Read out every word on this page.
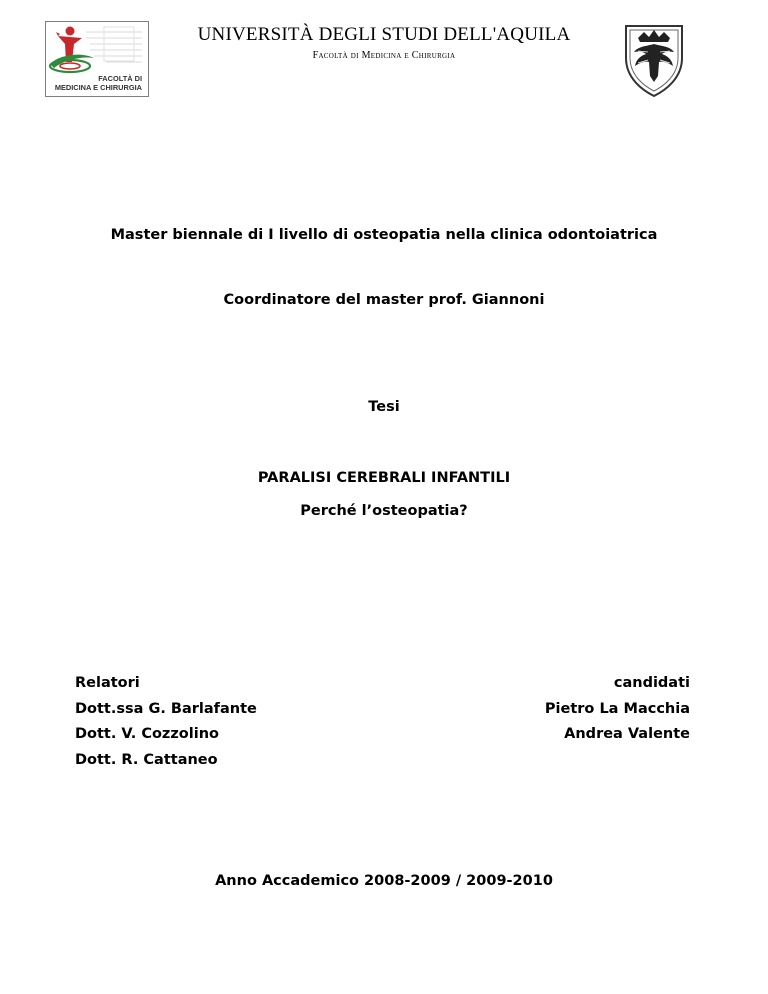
FACOLTÀ DI
MEDICINA E CHIRURGIA
UNIVERSITÀ DEGLI STUDI DELL'AQUILA
Facoltà di Medicina e Chirurgia
Master biennale di I livello di osteopatia nella clinica odontoiatrica
Coordinatore del master prof. Giannoni
Tesi
PARALISI CEREBRALI INFANTILI
Perché l’osteopatia?
Relatori
Dott.ssa G. Barlafante
Dott. V. Cozzolino
Dott. R. Cattaneo
candidati
Pietro La Macchia
Andrea Valente
Anno Accademico 2008-2009 / 2009-2010
